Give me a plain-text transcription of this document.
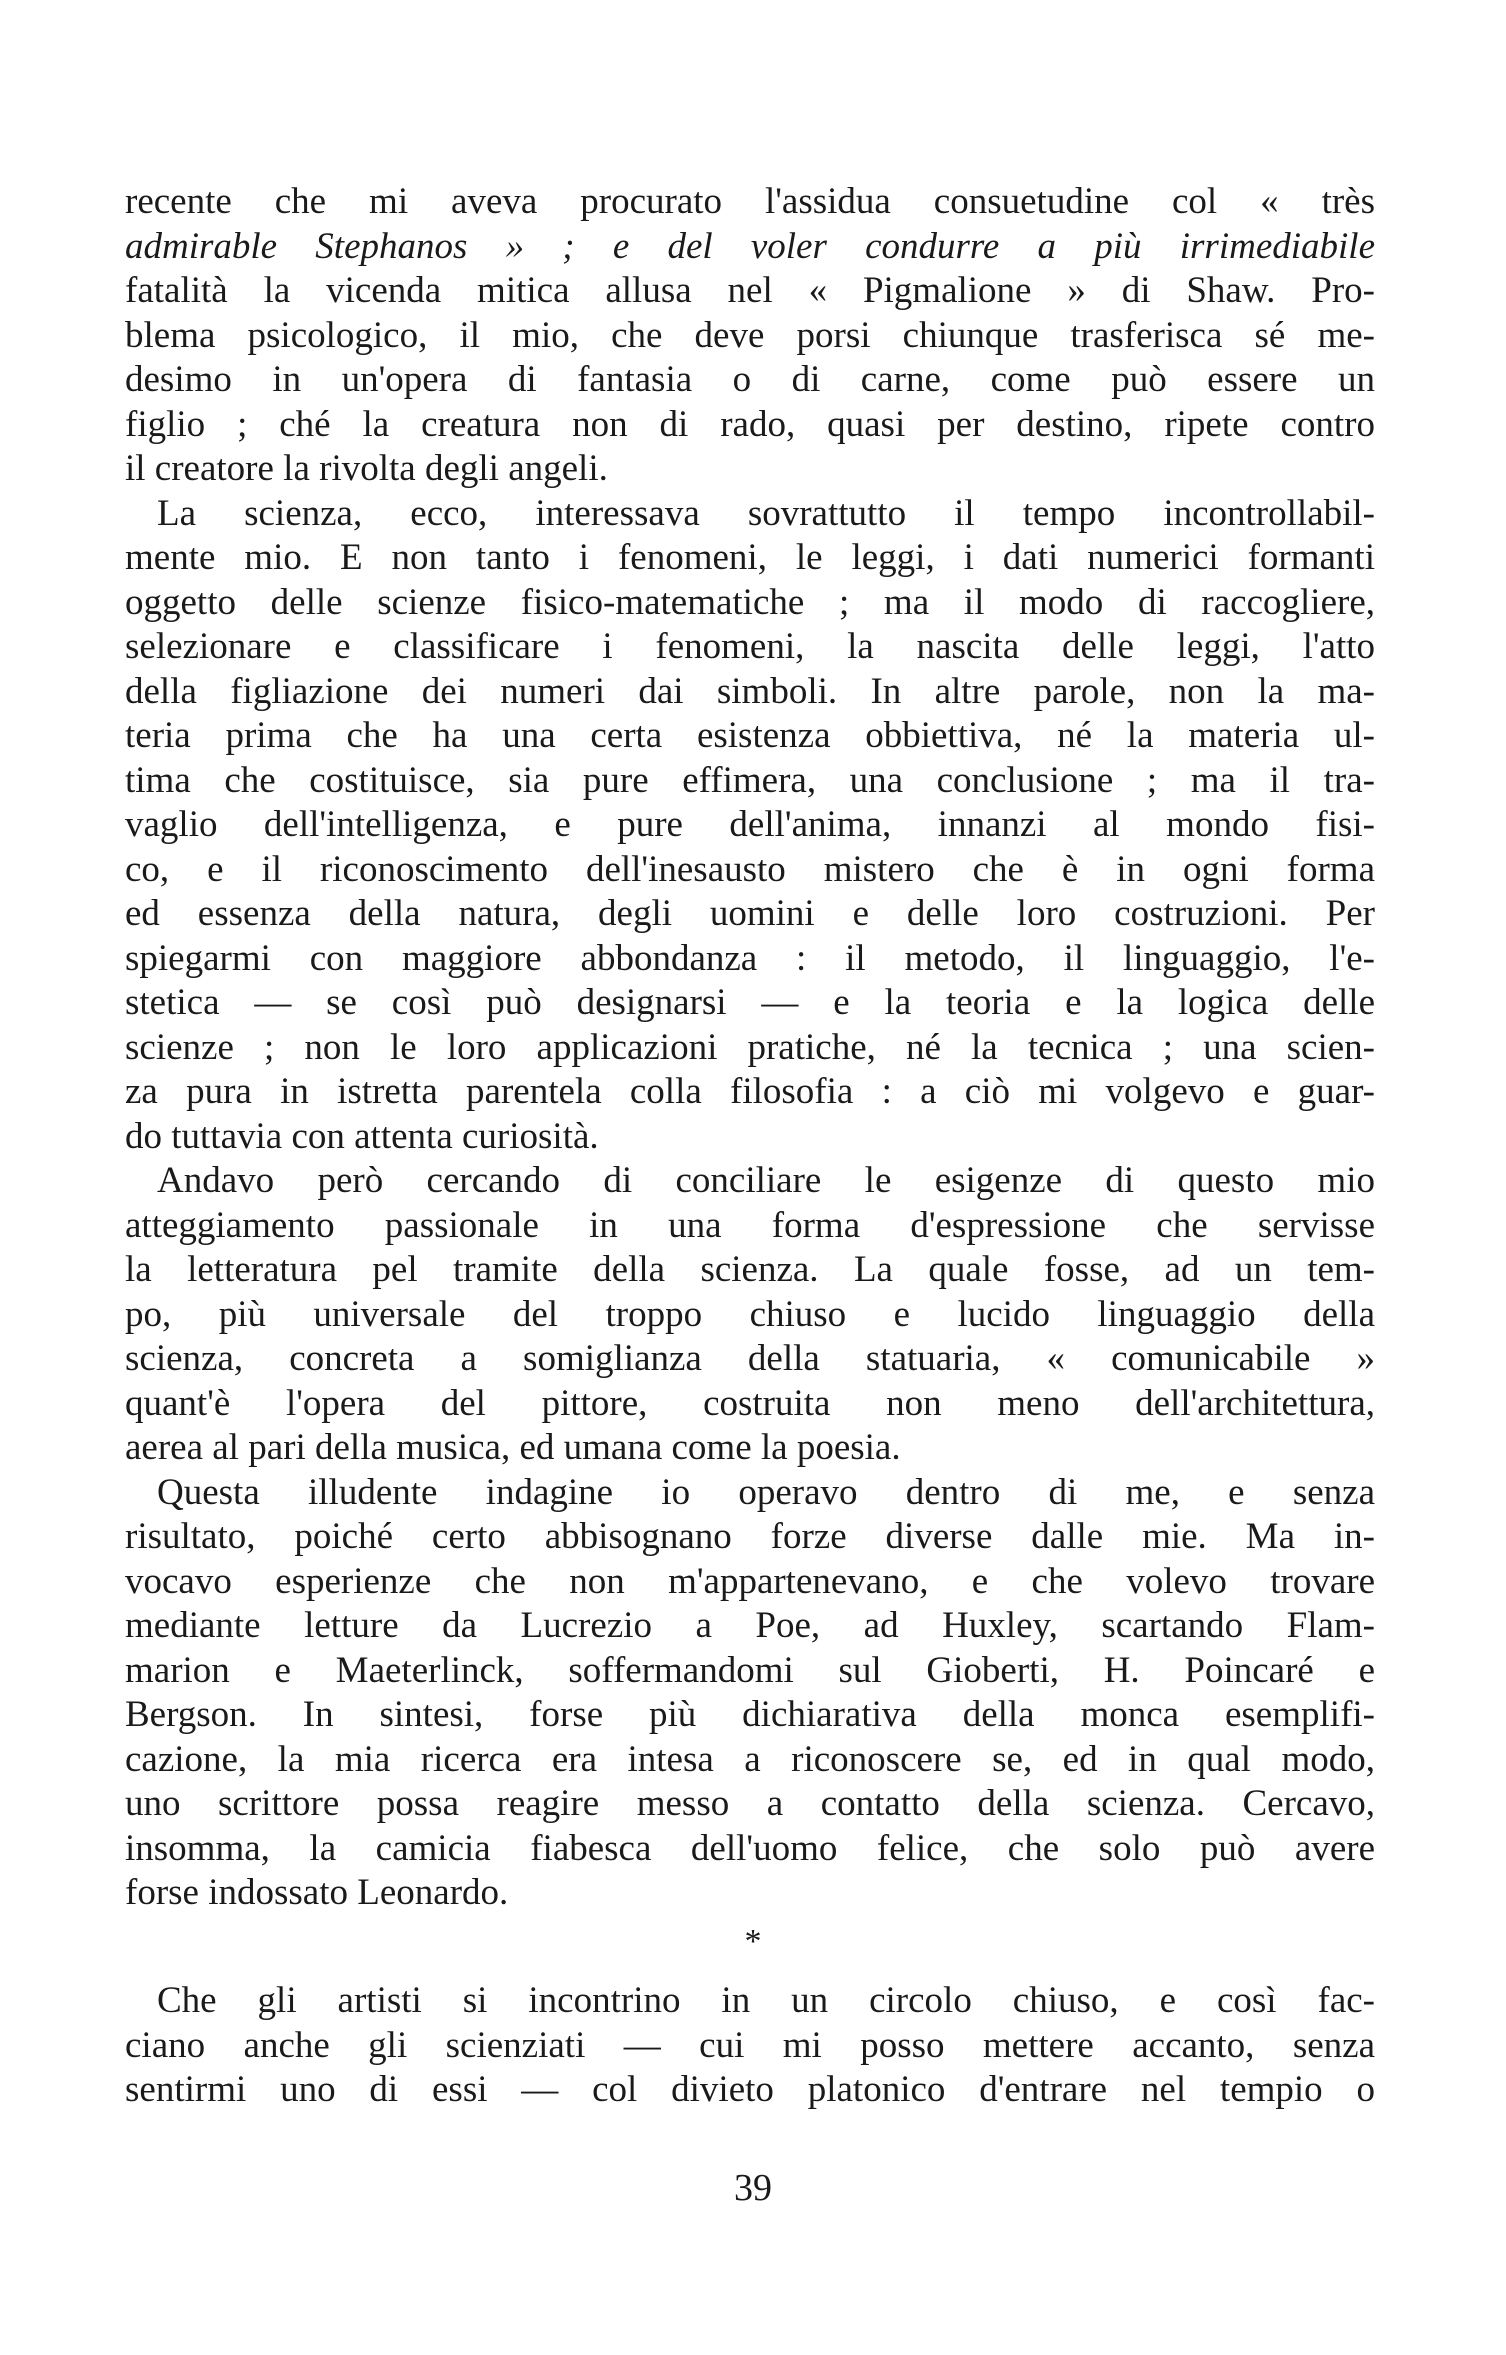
recente che mi aveva procurato l'assidua consuetudine col « très
admirable Stephanos » ; e del voler condurre a più irrimediabile
fatalità la vicenda mitica allusa nel « Pigmalione » di Shaw. Pro-
blema psicologico, il mio, che deve porsi chiunque trasferisca sé me-
desimo in un'opera di fantasia o di carne, come può essere un
figlio ; ché la creatura non di rado, quasi per destino, ripete contro
il creatore la rivolta degli angeli.
La scienza, ecco, interessava sovrattutto il tempo incontrollabil-
mente mio. E non tanto i fenomeni, le leggi, i dati numerici formanti
oggetto delle scienze fisico-matematiche ; ma il modo di raccogliere,
selezionare e classificare i fenomeni, la nascita delle leggi, l'atto
della figliazione dei numeri dai simboli. In altre parole, non la ma-
teria prima che ha una certa esistenza obbiettiva, né la materia ul-
tima che costituisce, sia pure effimera, una conclusione ; ma il tra-
vaglio dell'intelligenza, e pure dell'anima, innanzi al mondo fisi-
co, e il riconoscimento dell'inesausto mistero che è in ogni forma
ed essenza della natura, degli uomini e delle loro costruzioni. Per
spiegarmi con maggiore abbondanza : il metodo, il linguaggio, l'e-
stetica — se così può designarsi — e la teoria e la logica delle
scienze ; non le loro applicazioni pratiche, né la tecnica ; una scien-
za pura in istretta parentela colla filosofia : a ciò mi volgevo e guar-
do tuttavia con attenta curiosità.
Andavo però cercando di conciliare le esigenze di questo mio
atteggiamento passionale in una forma d'espressione che servisse
la letteratura pel tramite della scienza. La quale fosse, ad un tem-
po, più universale del troppo chiuso e lucido linguaggio della
scienza, concreta a somiglianza della statuaria, « comunicabile »
quant'è l'opera del pittore, costruita non meno dell'architettura,
aerea al pari della musica, ed umana come la poesia.
Questa illudente indagine io operavo dentro di me, e senza
risultato, poiché certo abbisognano forze diverse dalle mie. Ma in-
vocavo esperienze che non m'appartenevano, e che volevo trovare
mediante letture da Lucrezio a Poe, ad Huxley, scartando Flam-
marion e Maeterlinck, soffermandomi sul Gioberti, H. Poincaré e
Bergson. In sintesi, forse più dichiarativa della monca esemplifi-
cazione, la mia ricerca era intesa a riconoscere se, ed in qual modo,
uno scrittore possa reagire messo a contatto della scienza. Cercavo,
insomma, la camicia fiabesca dell'uomo felice, che solo può avere
forse indossato Leonardo.
*
Che gli artisti si incontrino in un circolo chiuso, e così fac-
ciano anche gli scienziati — cui mi posso mettere accanto, senza
sentirmi uno di essi — col divieto platonico d'entrare nel tempio o
39
